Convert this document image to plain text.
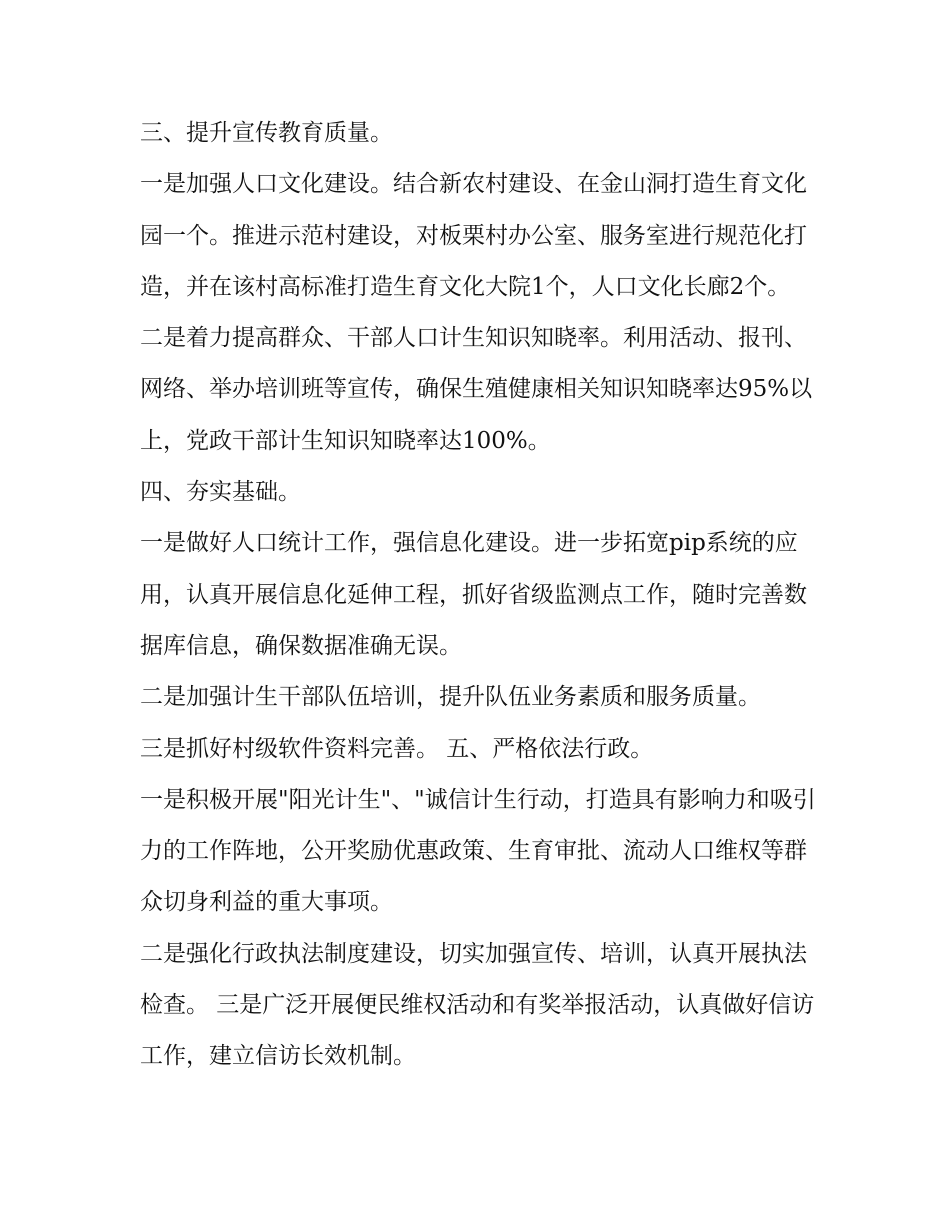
三、提升宣传教育质量。

一是加强人口文化建设。结合新农村建设、在金山洞打造生育文化园一个。推进示范村建设，对板栗村办公室、服务室进行规范化打造，并在该村高标准打造生育文化大院1个，人口文化长廊2个。

二是着力提高群众、干部人口计生知识知晓率。利用活动、报刊、网络、举办培训班等宣传，确保生殖健康相关知识知晓率达95%以上，党政干部计生知识知晓率达100%。

四、夯实基础。

一是做好人口统计工作，强信息化建设。进一步拓宽pip系统的应用，认真开展信息化延伸工程，抓好省级监测点工作，随时完善数据库信息，确保数据准确无误。

二是加强计生干部队伍培训，提升队伍业务素质和服务质量。

三是抓好村级软件资料完善。 五、严格依法行政。

一是积极开展"阳光计生"、"诚信计生行动，打造具有影响力和吸引力的工作阵地，公开奖励优惠政策、生育审批、流动人口维权等群众切身利益的重大事项。

二是强化行政执法制度建设，切实加强宣传、培训，认真开展执法检查。 三是广泛开展便民维权活动和有奖举报活动，认真做好信访工作，建立信访长效机制。
